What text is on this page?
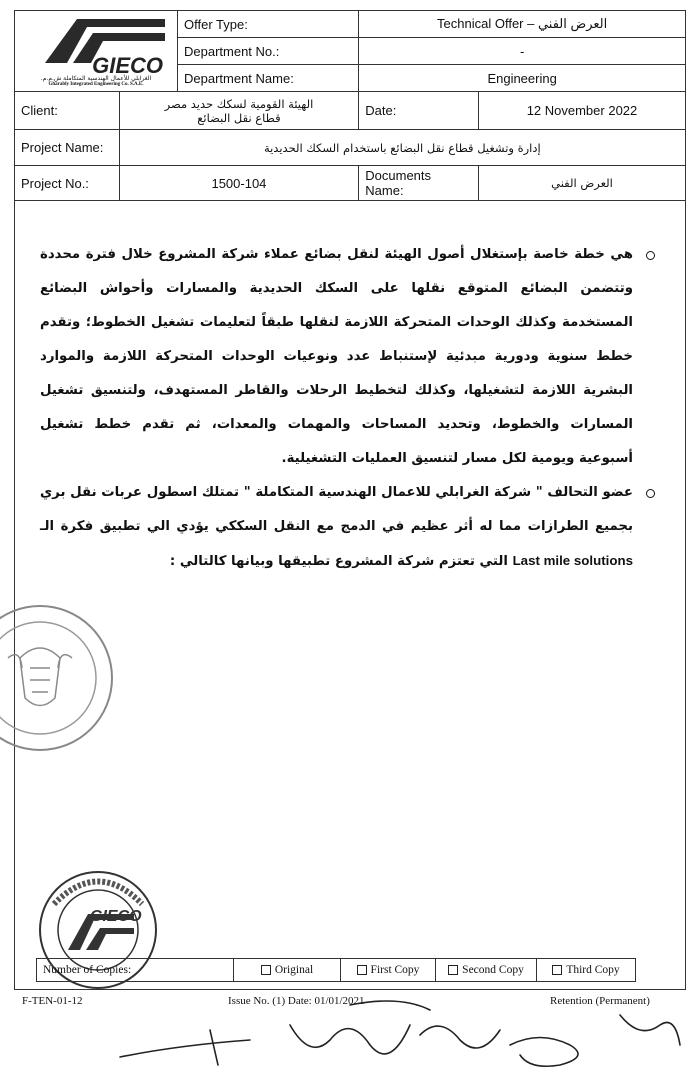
GIECO
الغرابلي للأعمال الهندسية المتكاملة ش.م.م.
Gharably Integrated Engineering Co. S.A.E.		Offer Type:	العرض الفني – Technical Offer	
		Department No.:	-	
		Department Name:	Engineering	
Client:	الهيئة القومية لسكك حديد مصر
قطاع نقل البضائع		Date:	12 November 2022
Project Name:	إدارة وتشغيل قطاع نقل البضائع باستخدام السكك الحديدية			
Project No.:	1500-104		Documents Name:	العرض الفني
هي خطة خاصة بإستغلال أصول الهيئة لنقل بضائع عملاء شركة المشروع خلال فترة محددة وتتضمن البضائع المتوقع نقلها على السكك الحديدية والمسارات وأحواش البضائع المستخدمة وكذلك الوحدات المتحركة اللازمة لنقلها طبقاً لتعليمات تشغيل الخطوط؛ وتقدم خطط سنوية ودورية مبدئية لإستنباط عدد ونوعيات الوحدات المتحركة اللازمة والموارد البشرية اللازمة لتشغيلها، وكذلك لتخطيط الرحلات والقاطر المستهدف، ولتنسيق تشغيل المسارات والخطوط، وتحديد المساحات والمهمات والمعدات، ثم تقدم خطط تشغيل أسبوعية ويومية لكل مسار لتنسيق العمليات التشغيلية.
عضو التحالف " شركة الغرابلي للاعمال الهندسية المتكاملة " تمتلك اسطول عربات نقل بري بجميع الطرازات مما له أثر عظيم في الدمج مع النقل السككي يؤدي الي تطبيق فكرة الـ Last mile solutions التي تعتزم شركة المشروع تطبيقها وبيانها كالتالي :
GIECO
Number of Copies:	Original	First Copy	Second Copy	Third Copy
F-TEN-01-12	Issue No. (1) Date: 01/01/2021	Retention (Permanent)
